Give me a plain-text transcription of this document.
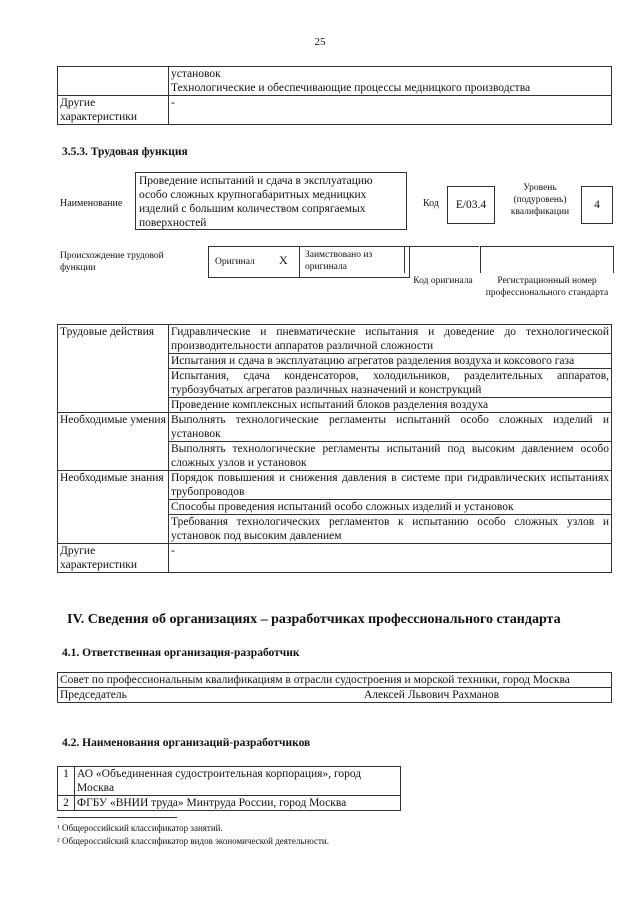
25

	установок
Технологические и обеспечивающие процессы медницкого производства

Другие характеристики	-
3.5.3. Трудовая функция
Наименование
Проведение испытаний и сдача в эксплуатацию особо сложных крупногабаритных медницких изделий с большим количеством сопрягаемых поверхностей
Код	E/03.4
Уровень (подуровень) квалификации
4
Происхождение трудовой функции
Оригинал X Заимствовано из оригинала
Код оригинала	Регистрационный номер профессионального стандарта
Трудовые действия	Гидравлические и пневматические испытания и доведение до технологической производительности аппаратов различной сложности
	Испытания и сдача в эксплуатацию агрегатов разделения воздуха и коксового газа
	Испытания, сдача конденсаторов, холодильников, разделительных аппаратов, турбозубчатых агрегатов различных назначений и конструкций
	Проведение комплексных испытаний блоков разделения воздуха
Необходимые умения	Выполнять технологические регламенты испытаний особо сложных изделий и установок
	Выполнять технологические регламенты испытаний под высоким давлением особо сложных узлов и установок
Необходимые знания	Порядок повышения и снижения давления в системе при гидравлических испытаниях трубопроводов
	Способы проведения испытаний особо сложных изделий и установок
	Требования технологических регламентов к испытанию особо сложных узлов и установок под высоким давлением
Другие характеристики	-
IV. Сведения об организациях – разработчиках профессионального стандарта
4.1. Ответственная организация-разработчик
Совет по профессиональным квалификациям в отрасли судостроения и морской техники, город Москва
Председатель	Алексей Львович Рахманов
4.2. Наименования организаций-разработчиков
1	АО «Объединенная судостроительная корпорация», город Москва
2	ФГБУ «ВНИИ труда» Минтруда России, город Москва
¹ Общероссийский классификатор занятий.
² Общероссийский классификатор видов экономической деятельности.
